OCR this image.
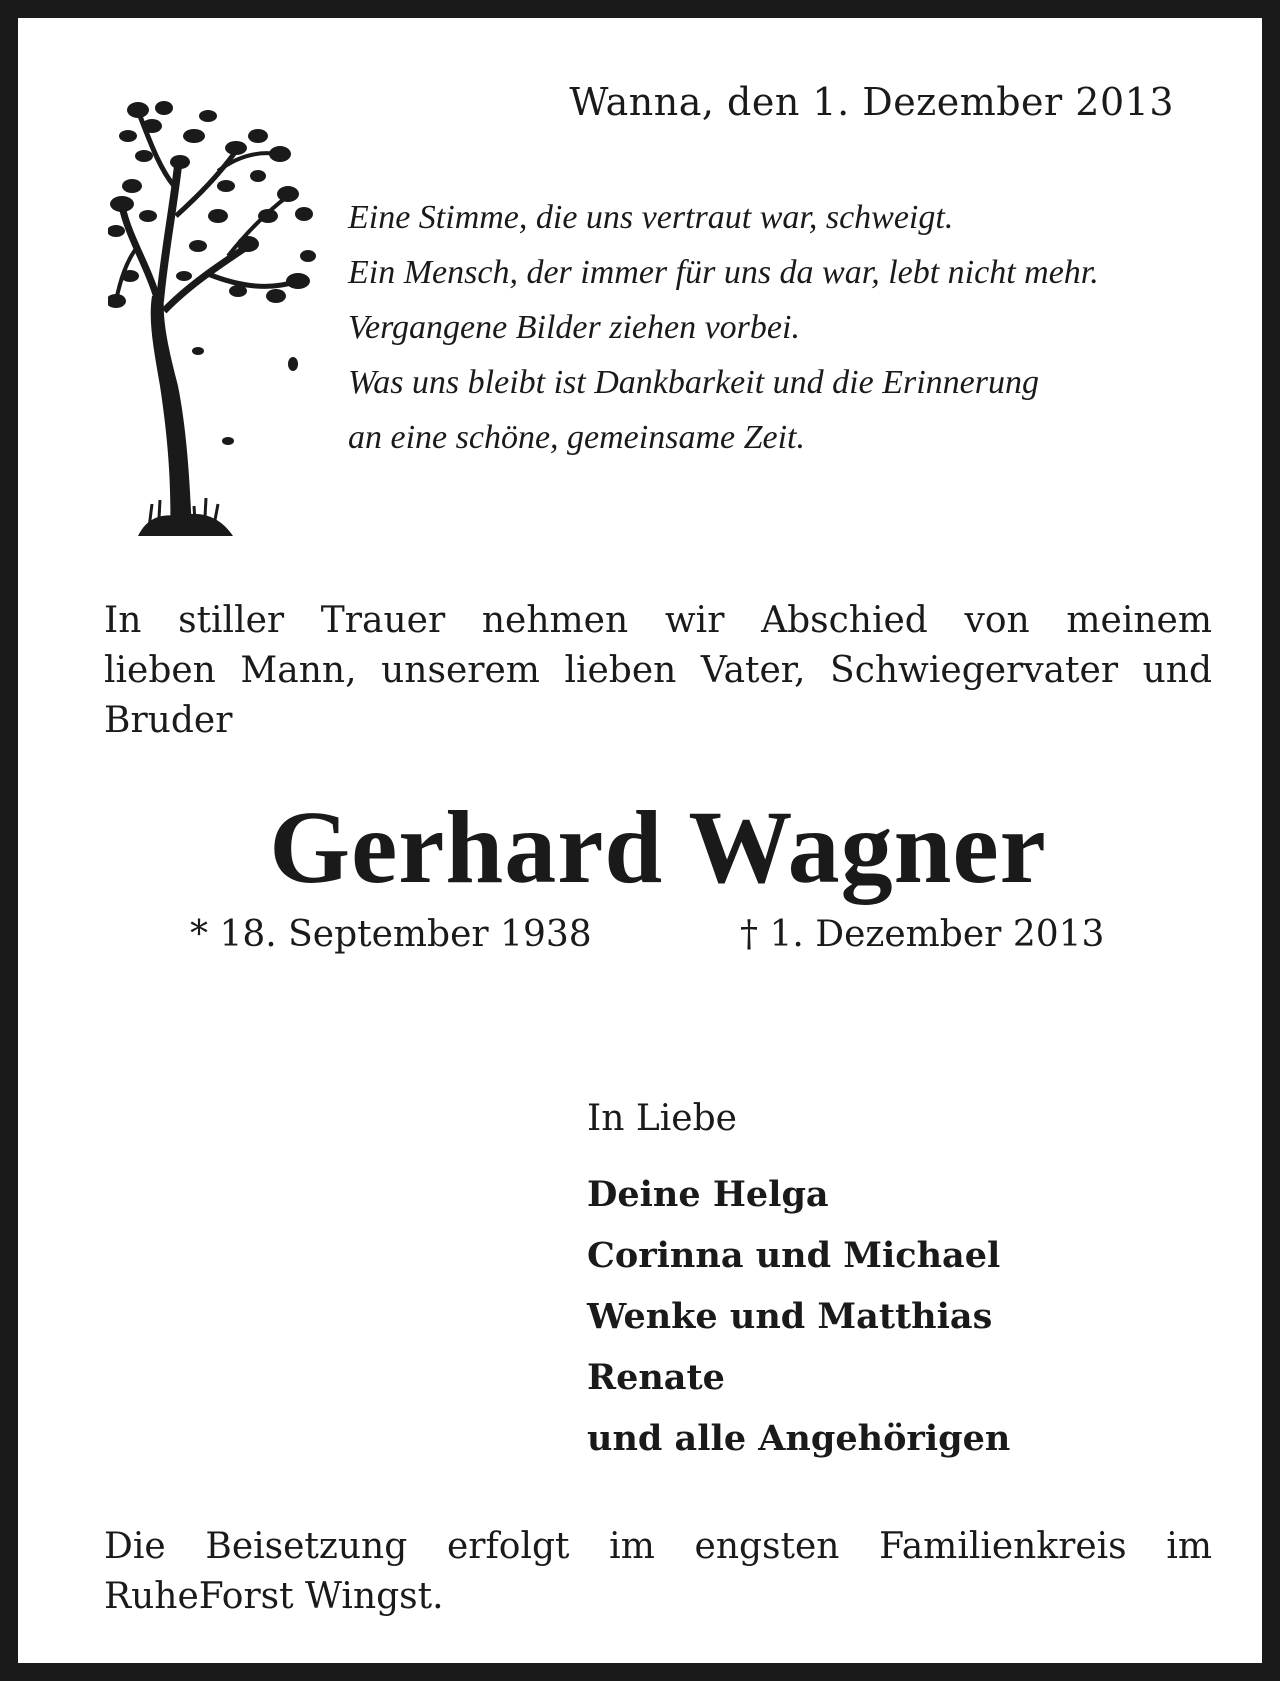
Wanna, den 1. Dezember 2013
Eine Stimme, die uns vertraut war, schweigt.
Ein Mensch, der immer für uns da war, lebt nicht mehr.
Vergangene Bilder ziehen vorbei.
Was uns bleibt ist Dankbarkeit und die Erinnerung
an eine schöne, gemeinsame Zeit.
In stiller Trauer nehmen wir Abschied von meinem
lieben Mann, unserem lieben Vater, Schwiegervater und
Bruder
Gerhard Wagner
* 18. September 1938	† 1. Dezember 2013
In Liebe
Deine Helga
Corinna und Michael
Wenke und Matthias
Renate
und alle Angehörigen
Die Beisetzung erfolgt im engsten Familienkreis im
RuheForst Wingst.
